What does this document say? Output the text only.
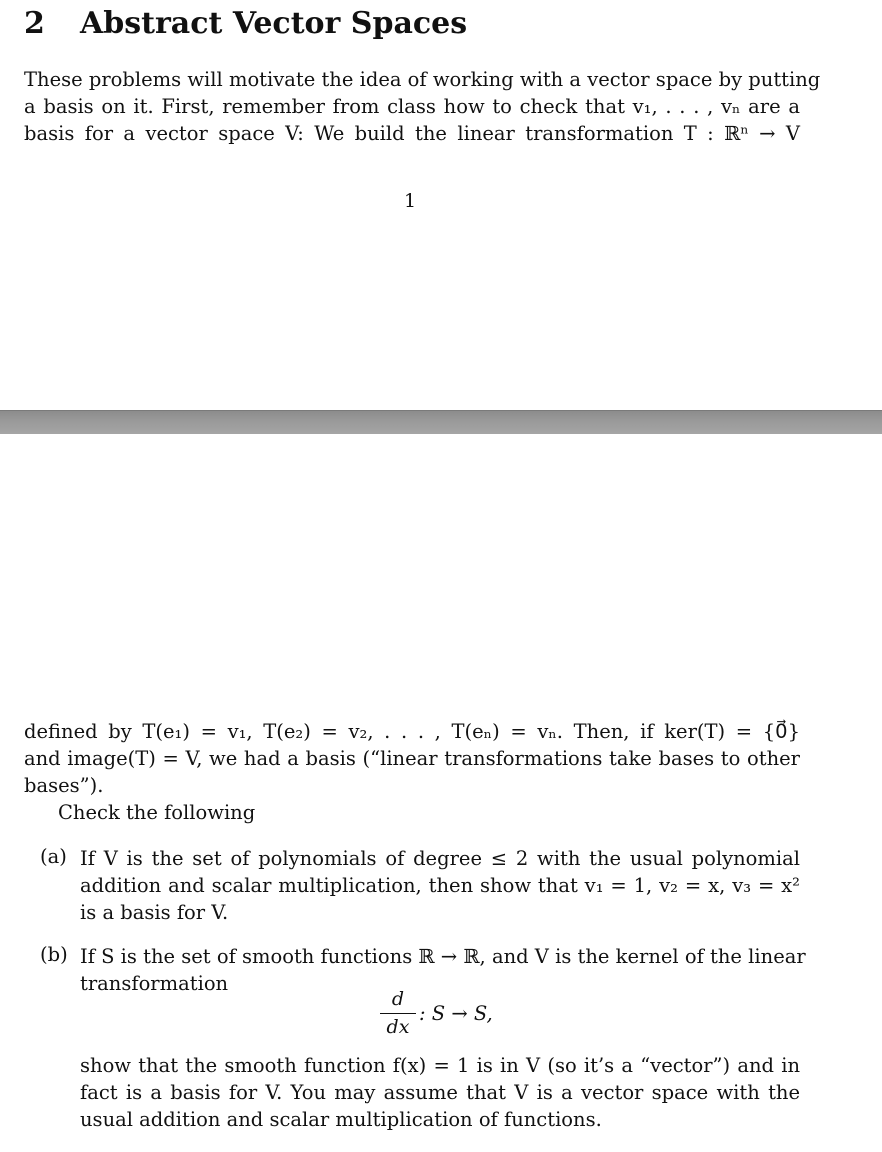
2 Abstract Vector Spaces
These problems will motivate the idea of working with a vector space by putting
a basis on it. First, remember from class how to check that v₁, . . . , vₙ are a
basis for a vector space V: We build the linear transformation T : ℝⁿ → V
1
defined by T(e₁) = v₁, T(e₂) = v₂, . . . , T(eₙ) = vₙ. Then, if ker(T) = {0⃗}
and image(T) = V, we had a basis (“linear transformations take bases to other
bases”).
Check the following
(a) If V is the set of polynomials of degree ≤ 2 with the usual polynomial
addition and scalar multiplication, then show that v₁ = 1, v₂ = x, v₃ = x²
is a basis for V.
(b) If S is the set of smooth functions ℝ → ℝ, and V is the kernel of the linear
transformation
d
dx
: S → S,
show that the smooth function f(x) = 1 is in V (so it’s a “vector”) and in
fact is a basis for V. You may assume that V is a vector space with the
usual addition and scalar multiplication of functions.
